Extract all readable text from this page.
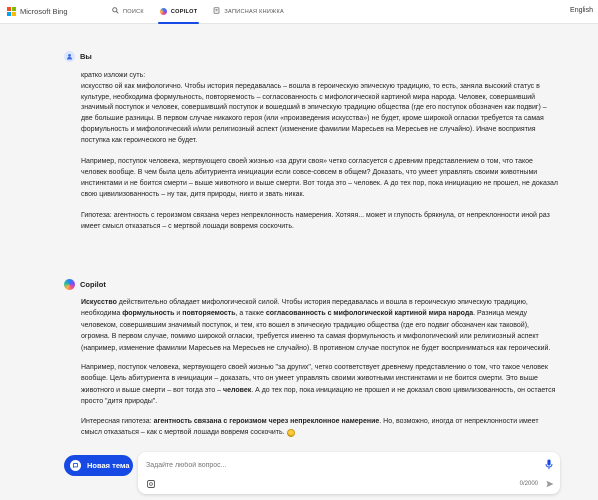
Microsoft Bing	ПОИСК	COPILOT	ЗАПИСНАЯ КНИЖКА	English
Вы

кратко изложи суть:

искусство ой как мифологично. Чтобы история передавалась – вошла в героическую эпическую традицию, то есть, заняла высокий статус в культуре, необходима формульность, повторяемость – согласованность с мифологической картиной мира народа. Человек, совершивший значимый поступок и человек, совершивший поступок и вошедший в эпическую традицию общества (где его поступок обозначен как подвиг) – две большие разницы. В первом случае никакого героя (или «произведения искусства») не будет, кроме широкой огласки требуется та самая формульность и мифологический и/или религиозный аспект (изменение фамилии Маресьев на Мересьев не случайно). Иначе восприятия поступка как героического не будет.

Например, поступок человека, жертвующего своей жизнью «за други своя» четко согласуется с древним представлением о том, что такое человек вообще. В чем была цель абитуриента инициации если совсе-совсем в общем? Доказать, что умеет управлять своими животными инстинктами и не боится смерти – выше животного и выше смерти. Вот тогда это – человек. А до тех пор, пока инициацию не прошел, не доказал свою цивилизованность – ну так, дитя природы, никто и звать никак.

Гипотеза: агентность с героизмом связана через непреклонность намерения. Хотяяя... может и глупость брякнула, от непреклонности иной раз имеет смысл отказаться – с мертвой лошади вовремя соскочить.

Copilot

Искусство действительно обладает мифологической силой. Чтобы история передавалась и вошла в героическую эпическую традицию, необходима формульность и повторяемость, а также согласованность с мифологической картиной мира народа. Разница между человеком, совершившим значимый поступок, и тем, кто вошел в эпическую традицию общества (где его подвиг обозначен как таковой), огромна. В первом случае, помимо широкой огласки, требуется именно та самая формульность и мифологический или религиозный аспект (например, изменение фамилии Маресьев на Мересьев не случайно). В противном случае поступок не будет восприниматься как героический.

Например, поступок человека, жертвующего своей жизнью "за других", четко соответствует древнему представлению о том, что такое человек вообще. Цель абитуриента в инициации – доказать, что он умеет управлять своими животными инстинктами и не боится смерти. Это выше животного и выше смерти – вот тогда это – человек. А до тех пор, пока инициацию не прошел и не доказал свою цивилизованность, он остается просто "дитя природы".

Интересная гипотеза: агентность связана с героизмом через непреклонное намерение. Но, возможно, иногда от непреклонности имеет смысл отказаться – как с мертвой лошади вовремя соскочить. ◡

Новая тема
Задайте любой вопрос...
0/2000
